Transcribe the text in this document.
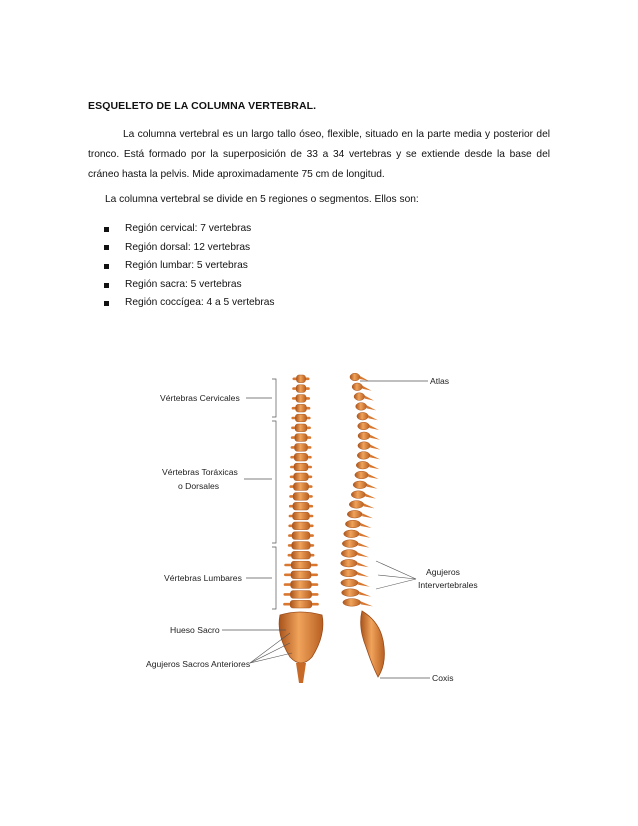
ESQUELETO DE LA COLUMNA VERTEBRAL.
La columna vertebral es un largo tallo óseo, flexible, situado en la parte media y posterior del tronco. Está formado por la superposición de 33 a 34 vertebras y se extiende desde la base del cráneo hasta la pelvis. Mide aproximadamente 75 cm de longitud.
La columna vertebral se divide en 5 regiones o segmentos. Ellos son:
Región cervical: 7 vertebras
Región dorsal: 12 vertebras
Región lumbar: 5 vertebras
Región sacra: 5 vertebras
Región coccígea: 4 a 5 vertebras
Vértebras Cervicales
Vértebras Toráxicas
o Dorsales
Vértebras Lumbares
Hueso Sacro
Agujeros Sacros Anteriores
Atlas
Agujeros
Intervertebrales
Coxis
